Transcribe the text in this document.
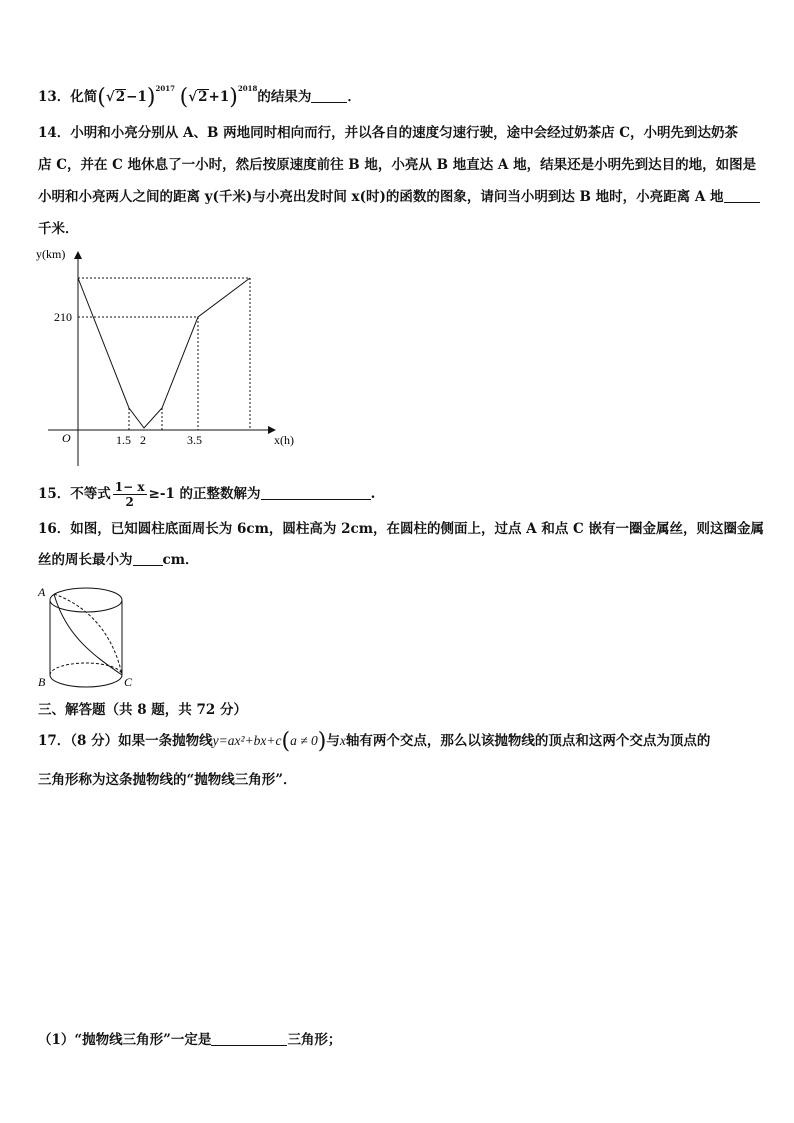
13．化简$(√2-1)^{2017}$ $(√2+1)^{2018}$的结果为	．
14．小明和小亮分别从 A、B 两地同时相向而行，并以各自的速度匀速行驶，途中会经过奶茶店 C，小明先到达奶茶
店 C，并在 C 地休息了一小时，然后按原速度前往 B 地，小亮从 B 地直达 A 地，结果还是小明先到达目的地，如图是
小明和小亮两人之间的距离 y(千米)与小亮出发时间 x(时)的函数的图象，请问当小明到达 B 地时，小亮距离 A 地
千米．
y(km)
210
O	1.5 2	3.5	x(h)
15．不等式 $\frac{1- x}{2} \ge-1$ 的正整数解为	.
16．如图，已知圆柱底面周长为 6cm，圆柱高为 2cm，在圆柱的侧面上，过点 A 和点 C 嵌有一圈金属丝，则这圈金属
丝的周长最小为 cm．
A
B	C
三、解答题（共 8 题，共 72 分）
17．（8 分）如果一条抛物线y=ax²+bx+c(a ≠ 0)与x轴有两个交点，那么以该抛物线的顶点和这两个交点为顶点的
三角形称为这条抛物线的“抛物线三角形”．
（1）“抛物线三角形”一定是	三角形；
